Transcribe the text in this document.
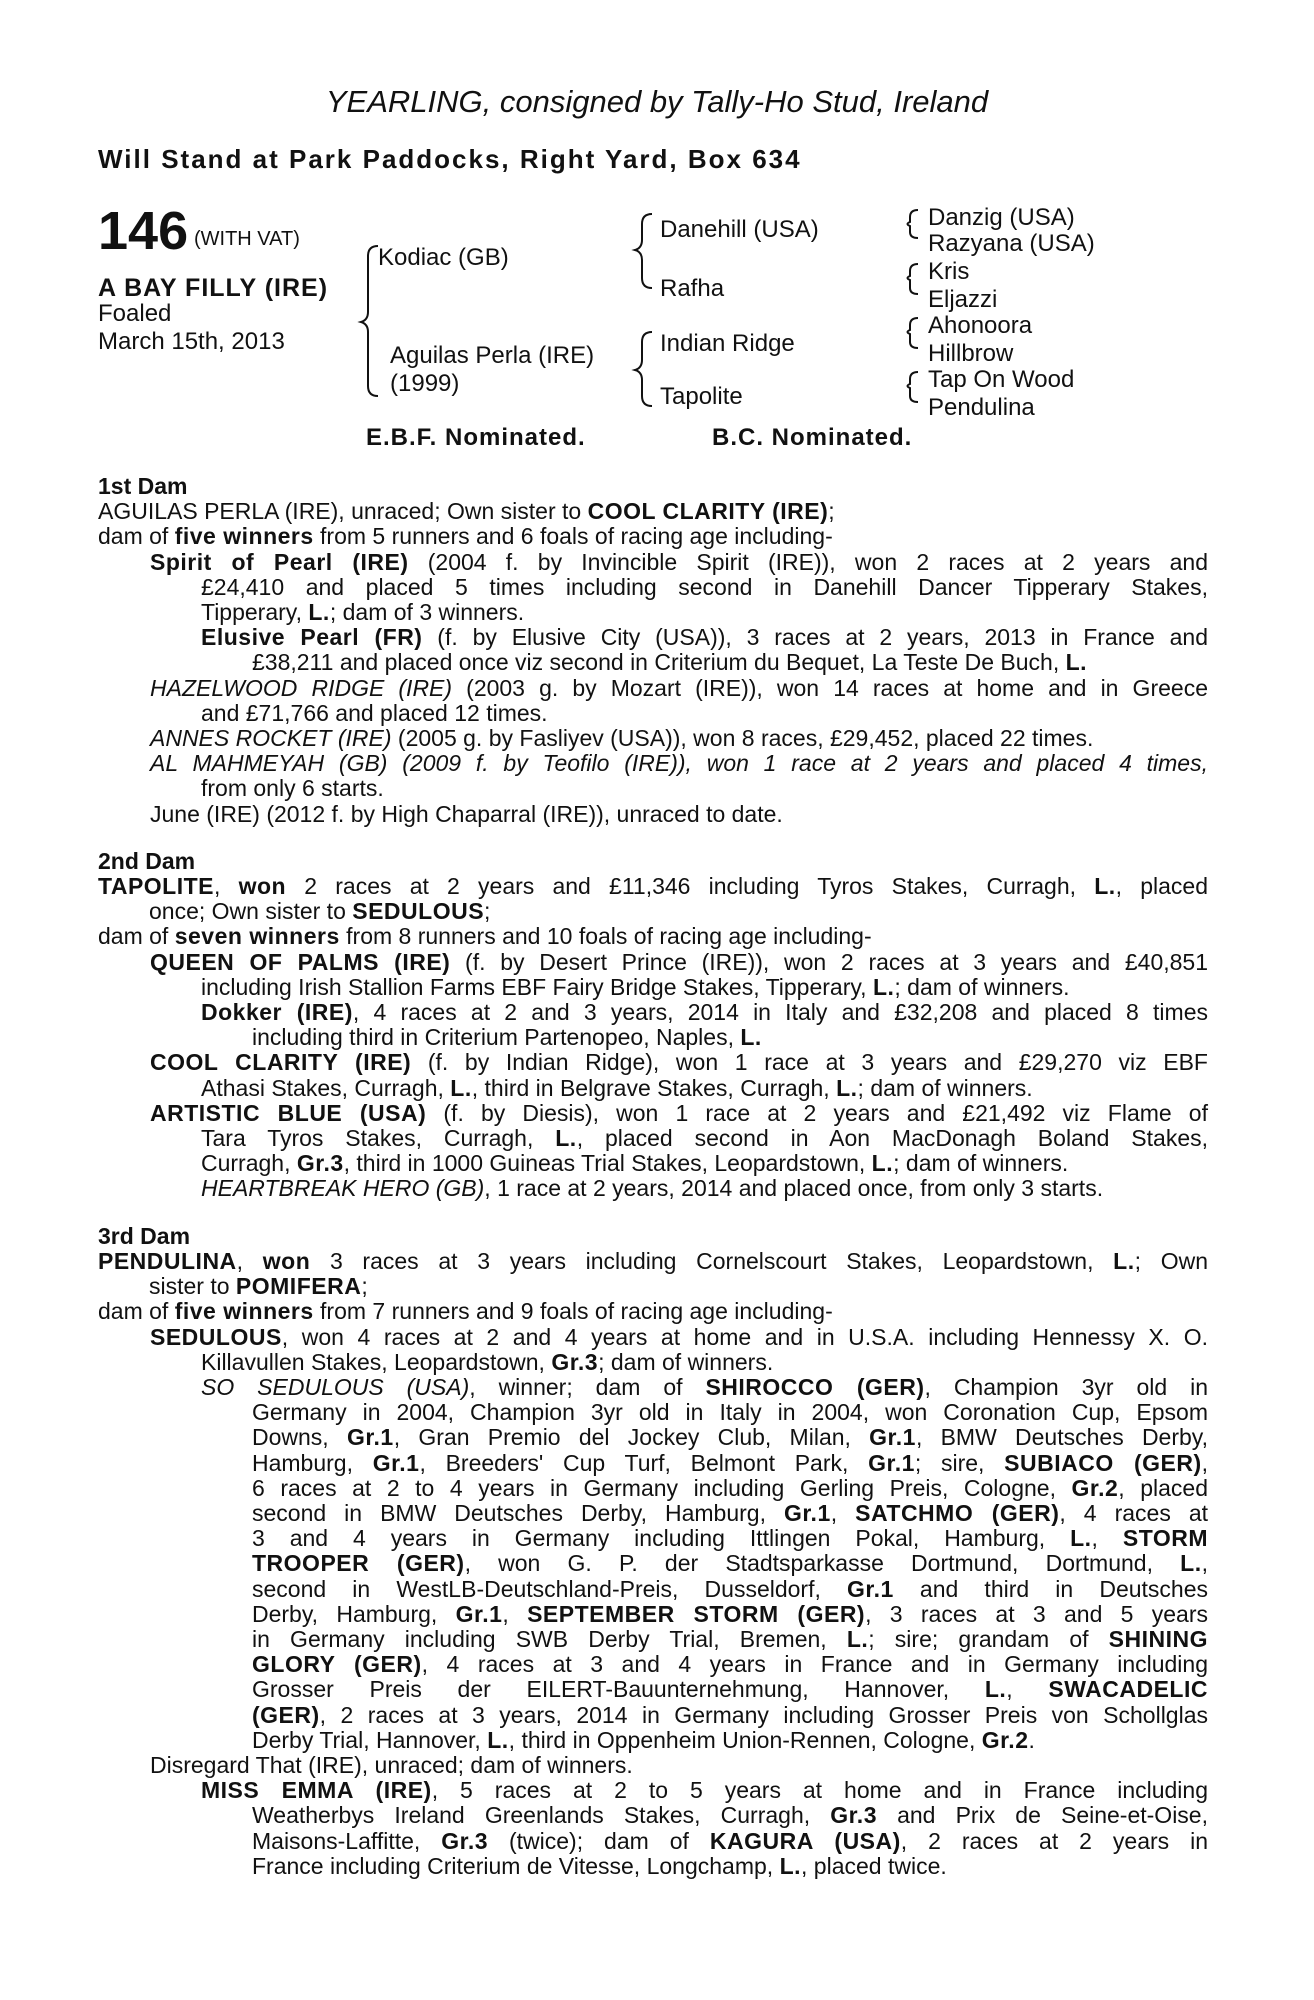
YEARLING, consigned by Tally-Ho Stud, Ireland
Will Stand at Park Paddocks, Right Yard, Box 634
146 (WITH VAT)
A BAY FILLY (IRE)
Foaled
March 15th, 2013
Kodiac (GB)
Aguilas Perla (IRE)
(1999)
Danehill (USA)
Rafha
Indian Ridge
Tapolite
Danzig (USA)
Razyana (USA)
Kris
Eljazzi
Ahonoora
Hillbrow
Tap On Wood
Pendulina
E.B.F. Nominated.	B.C. Nominated.
1st Dam
AGUILAS PERLA (IRE), unraced; Own sister to COOL CLARITY (IRE);
dam of five winners from 5 runners and 6 foals of racing age including-
Spirit of Pearl (IRE) (2004 f. by Invincible Spirit (IRE)), won 2 races at 2 years and
£24,410 and placed 5 times including second in Danehill Dancer Tipperary Stakes,
Tipperary, L.; dam of 3 winners.
Elusive Pearl (FR) (f. by Elusive City (USA)), 3 races at 2 years, 2013 in France and
£38,211 and placed once viz second in Criterium du Bequet, La Teste De Buch, L.
HAZELWOOD RIDGE (IRE) (2003 g. by Mozart (IRE)), won 14 races at home and in Greece
and £71,766 and placed 12 times.
ANNES ROCKET (IRE) (2005 g. by Fasliyev (USA)), won 8 races, £29,452, placed 22 times.
AL MAHMEYAH (GB) (2009 f. by Teofilo (IRE)), won 1 race at 2 years and placed 4 times,
from only 6 starts.
June (IRE) (2012 f. by High Chaparral (IRE)), unraced to date.
2nd Dam
TAPOLITE, won 2 races at 2 years and £11,346 including Tyros Stakes, Curragh, L., placed
once; Own sister to SEDULOUS;
dam of seven winners from 8 runners and 10 foals of racing age including-
QUEEN OF PALMS (IRE) (f. by Desert Prince (IRE)), won 2 races at 3 years and £40,851
including Irish Stallion Farms EBF Fairy Bridge Stakes, Tipperary, L.; dam of winners.
Dokker (IRE), 4 races at 2 and 3 years, 2014 in Italy and £32,208 and placed 8 times
including third in Criterium Partenopeo, Naples, L.
COOL CLARITY (IRE) (f. by Indian Ridge), won 1 race at 3 years and £29,270 viz EBF
Athasi Stakes, Curragh, L., third in Belgrave Stakes, Curragh, L.; dam of winners.
ARTISTIC BLUE (USA) (f. by Diesis), won 1 race at 2 years and £21,492 viz Flame of
Tara Tyros Stakes, Curragh, L., placed second in Aon MacDonagh Boland Stakes,
Curragh, Gr.3, third in 1000 Guineas Trial Stakes, Leopardstown, L.; dam of winners.
HEARTBREAK HERO (GB), 1 race at 2 years, 2014 and placed once, from only 3 starts.
3rd Dam
PENDULINA, won 3 races at 3 years including Cornelscourt Stakes, Leopardstown, L.; Own
sister to POMIFERA;
dam of five winners from 7 runners and 9 foals of racing age including-
SEDULOUS, won 4 races at 2 and 4 years at home and in U.S.A. including Hennessy X. O.
Killavullen Stakes, Leopardstown, Gr.3; dam of winners.
SO SEDULOUS (USA), winner; dam of SHIROCCO (GER), Champion 3yr old in
Germany in 2004, Champion 3yr old in Italy in 2004, won Coronation Cup, Epsom
Downs, Gr.1, Gran Premio del Jockey Club, Milan, Gr.1, BMW Deutsches Derby,
Hamburg, Gr.1, Breeders' Cup Turf, Belmont Park, Gr.1; sire, SUBIACO (GER),
6 races at 2 to 4 years in Germany including Gerling Preis, Cologne, Gr.2, placed
second in BMW Deutsches Derby, Hamburg, Gr.1, SATCHMO (GER), 4 races at
3 and 4 years in Germany including Ittlingen Pokal, Hamburg, L., STORM
TROOPER (GER), won G. P. der Stadtsparkasse Dortmund, Dortmund, L.,
second in WestLB-Deutschland-Preis, Dusseldorf, Gr.1 and third in Deutsches
Derby, Hamburg, Gr.1, SEPTEMBER STORM (GER), 3 races at 3 and 5 years
in Germany including SWB Derby Trial, Bremen, L.; sire; grandam of SHINING
GLORY (GER), 4 races at 3 and 4 years in France and in Germany including
Grosser Preis der EILERT-Bauunternehmung, Hannover, L., SWACADELIC
(GER), 2 races at 3 years, 2014 in Germany including Grosser Preis von Schollglas
Derby Trial, Hannover, L., third in Oppenheim Union-Rennen, Cologne, Gr.2.
Disregard That (IRE), unraced; dam of winners.
MISS EMMA (IRE), 5 races at 2 to 5 years at home and in France including
Weatherbys Ireland Greenlands Stakes, Curragh, Gr.3 and Prix de Seine-et-Oise,
Maisons-Laffitte, Gr.3 (twice); dam of KAGURA (USA), 2 races at 2 years in
France including Criterium de Vitesse, Longchamp, L., placed twice.
